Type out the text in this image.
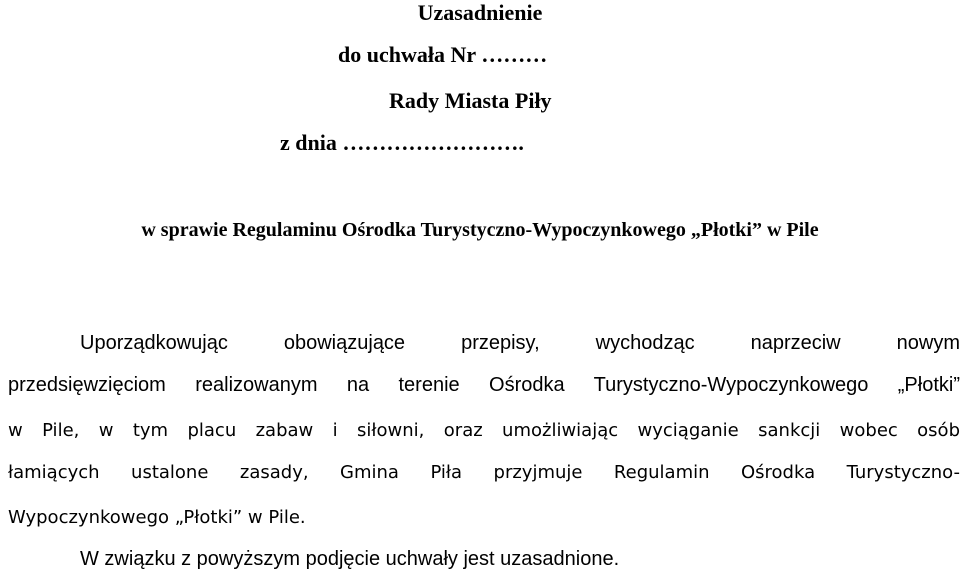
Uzasadnienie
do uchwała Nr ………
Rady Miasta Piły
z dnia …………………….
w sprawie Regulaminu Ośrodka Turystyczno-Wypoczynkowego „Płotki” w Pile
Uporządkowując obowiązujące przepisy, wychodząc naprzeciw nowym
przedsięwzięciom realizowanym na terenie Ośrodka Turystyczno-Wypoczynkowego „Płotki”
w Pile, w tym placu zabaw i siłowni, oraz umożliwiając wyciąganie sankcji wobec osób
łamiących ustalone zasady, Gmina Piła przyjmuje Regulamin Ośrodka Turystyczno-
Wypoczynkowego „Płotki” w Pile.
W związku z powyższym podjęcie uchwały jest uzasadnione.
